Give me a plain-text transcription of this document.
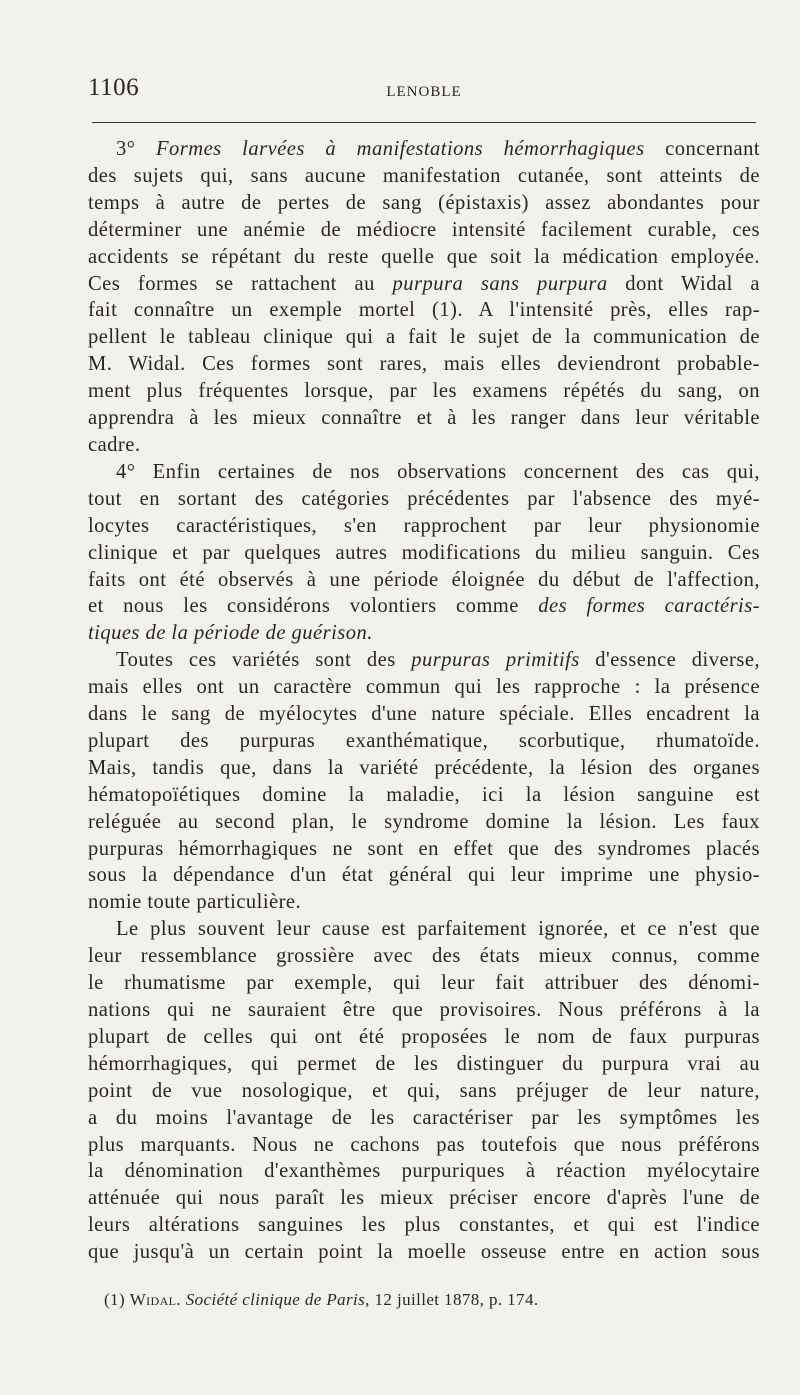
1106	LENOBLE
3° Formes larvées à manifestations hémorrhagiques concernant
des sujets qui, sans aucune manifestation cutanée, sont atteints de
temps à autre de pertes de sang (épistaxis) assez abondantes pour
déterminer une anémie de médiocre intensité facilement curable, ces
accidents se répétant du reste quelle que soit la médication employée.
Ces formes se rattachent au purpura sans purpura dont Widal a
fait connaître un exemple mortel (1). A l'intensité près, elles rap-
pellent le tableau clinique qui a fait le sujet de la communication de
M. Widal. Ces formes sont rares, mais elles deviendront probable-
ment plus fréquentes lorsque, par les examens répétés du sang, on
apprendra à les mieux connaître et à les ranger dans leur véritable
cadre.
4° Enfin certaines de nos observations concernent des cas qui,
tout en sortant des catégories précédentes par l'absence des myé-
locytes caractéristiques, s'en rapprochent par leur physionomie
clinique et par quelques autres modifications du milieu sanguin. Ces
faits ont été observés à une période éloignée du début de l'affection,
et nous les considérons volontiers comme des formes caractéris-
tiques de la période de guérison.
Toutes ces variétés sont des purpuras primitifs d'essence diverse,
mais elles ont un caractère commun qui les rapproche : la présence
dans le sang de myélocytes d'une nature spéciale. Elles encadrent la
plupart des purpuras exanthématique, scorbutique, rhumatoïde.
Mais, tandis que, dans la variété précédente, la lésion des organes
hématopoïétiques domine la maladie, ici la lésion sanguine est
reléguée au second plan, le syndrome domine la lésion. Les faux
purpuras hémorrhagiques ne sont en effet que des syndromes placés
sous la dépendance d'un état général qui leur imprime une physio-
nomie toute particulière.
Le plus souvent leur cause est parfaitement ignorée, et ce n'est que
leur ressemblance grossière avec des états mieux connus, comme
le rhumatisme par exemple, qui leur fait attribuer des dénomi-
nations qui ne sauraient être que provisoires. Nous préférons à la
plupart de celles qui ont été proposées le nom de faux purpuras
hémorrhagiques, qui permet de les distinguer du purpura vrai au
point de vue nosologique, et qui, sans préjuger de leur nature,
a du moins l'avantage de les caractériser par les symptômes les
plus marquants. Nous ne cachons pas toutefois que nous préférons
la dénomination d'exanthèmes purpuriques à réaction myélocytaire
atténuée qui nous paraît les mieux préciser encore d'après l'une de
leurs altérations sanguines les plus constantes, et qui est l'indice
que jusqu'à un certain point la moelle osseuse entre en action sous
(1) Widal. Société clinique de Paris, 12 juillet 1878, p. 174.
